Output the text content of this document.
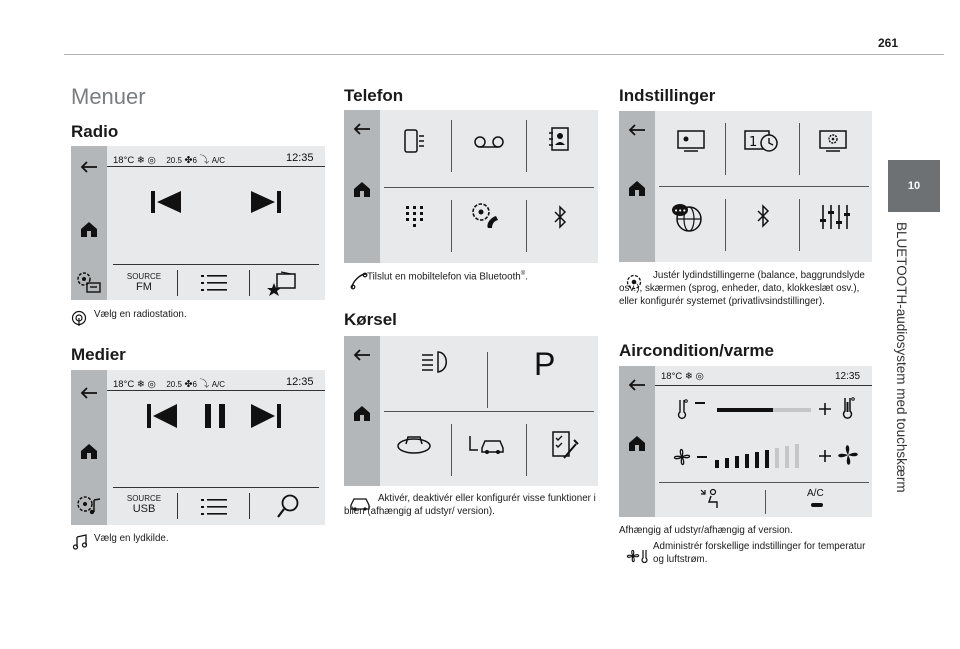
261
10
BLUETOOTH-audiosystem med touchskærm
Menuer
Radio
18°C ❄ ◎    20.5 ✤6 ⤵ A/C	12:35
SOURCE
FM
Vælg en radiostation.
Medier
18°C ❄ ◎    20.5 ✤6 ⤵ A/C	12:35
SOURCE
USB
Vælg en lydkilde.
Telefon
Tilslut en mobiltelefon via Bluetooth®.
Kørsel
P
Aktivér, deaktivér eller konfigurér visse funktioner i bilen (afhængig af udstyr/ version).
Indstillinger
1
•••
Justér lydindstillingerne (balance, baggrundslyde osv.), skærmen (sprog, enheder, dato, klokkeslæt osv.), eller konfigurér systemet (privatlivsindstillinger).
Aircondition/varme
18°C ❄ ◎	12:35
A/C
Afhængig af udstyr/afhængig af version.
Administrér forskellige indstillinger for temperatur og luftstrøm.
